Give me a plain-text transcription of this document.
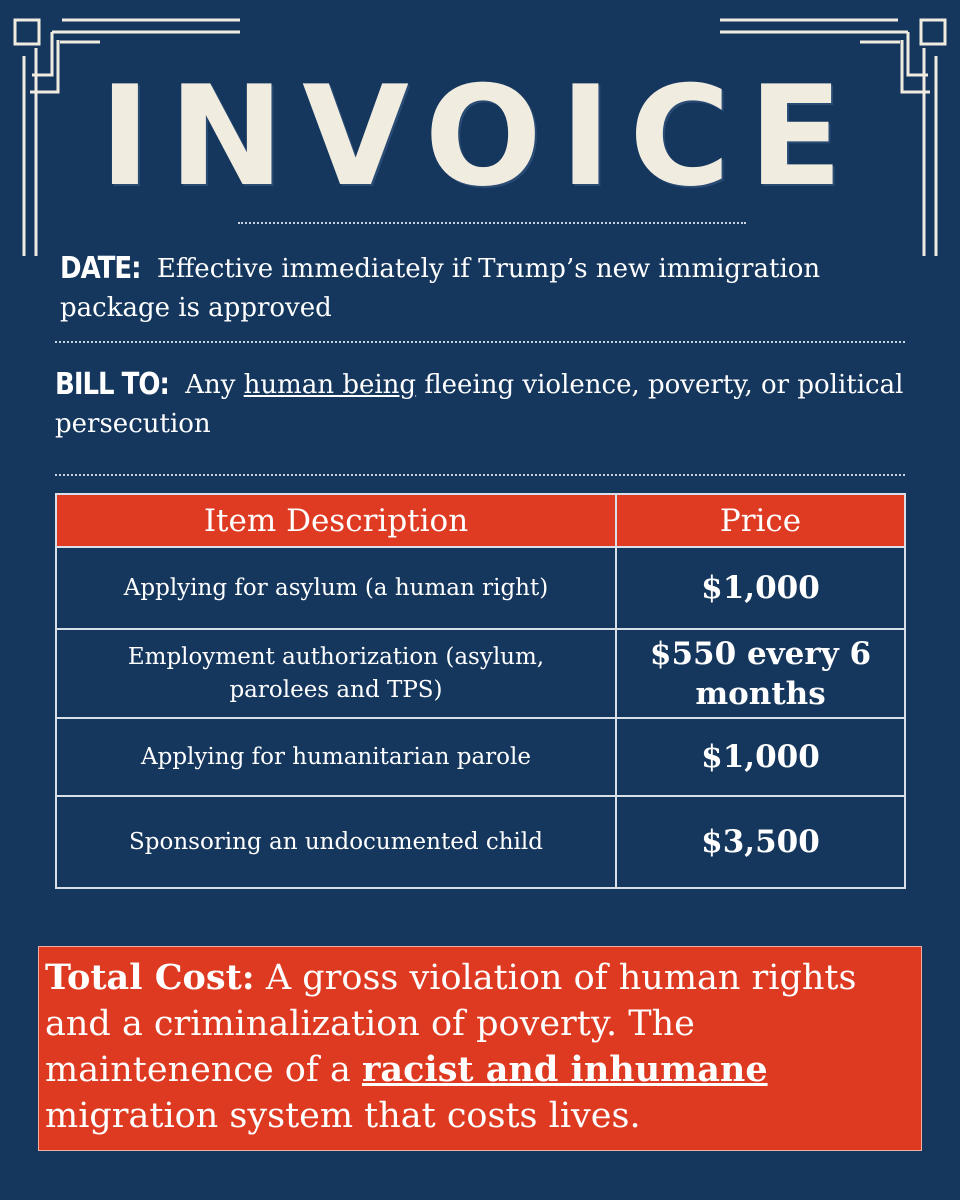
INVOICE
DATE: Effective immediately if Trump’s new immigration package is approved
BILL TO: Any human being fleeing violence, poverty, or political persecution
Item Description	Price
Applying for asylum (a human right)	$1,000
Employment authorization (asylum, parolees and TPS)	$550 every 6 months
Applying for humanitarian parole	$1,000
Sponsoring an undocumented child	$3,500
Total Cost: A gross violation of human rights and a criminalization of poverty. The maintenence of a racist and inhumane migration system that costs lives.
